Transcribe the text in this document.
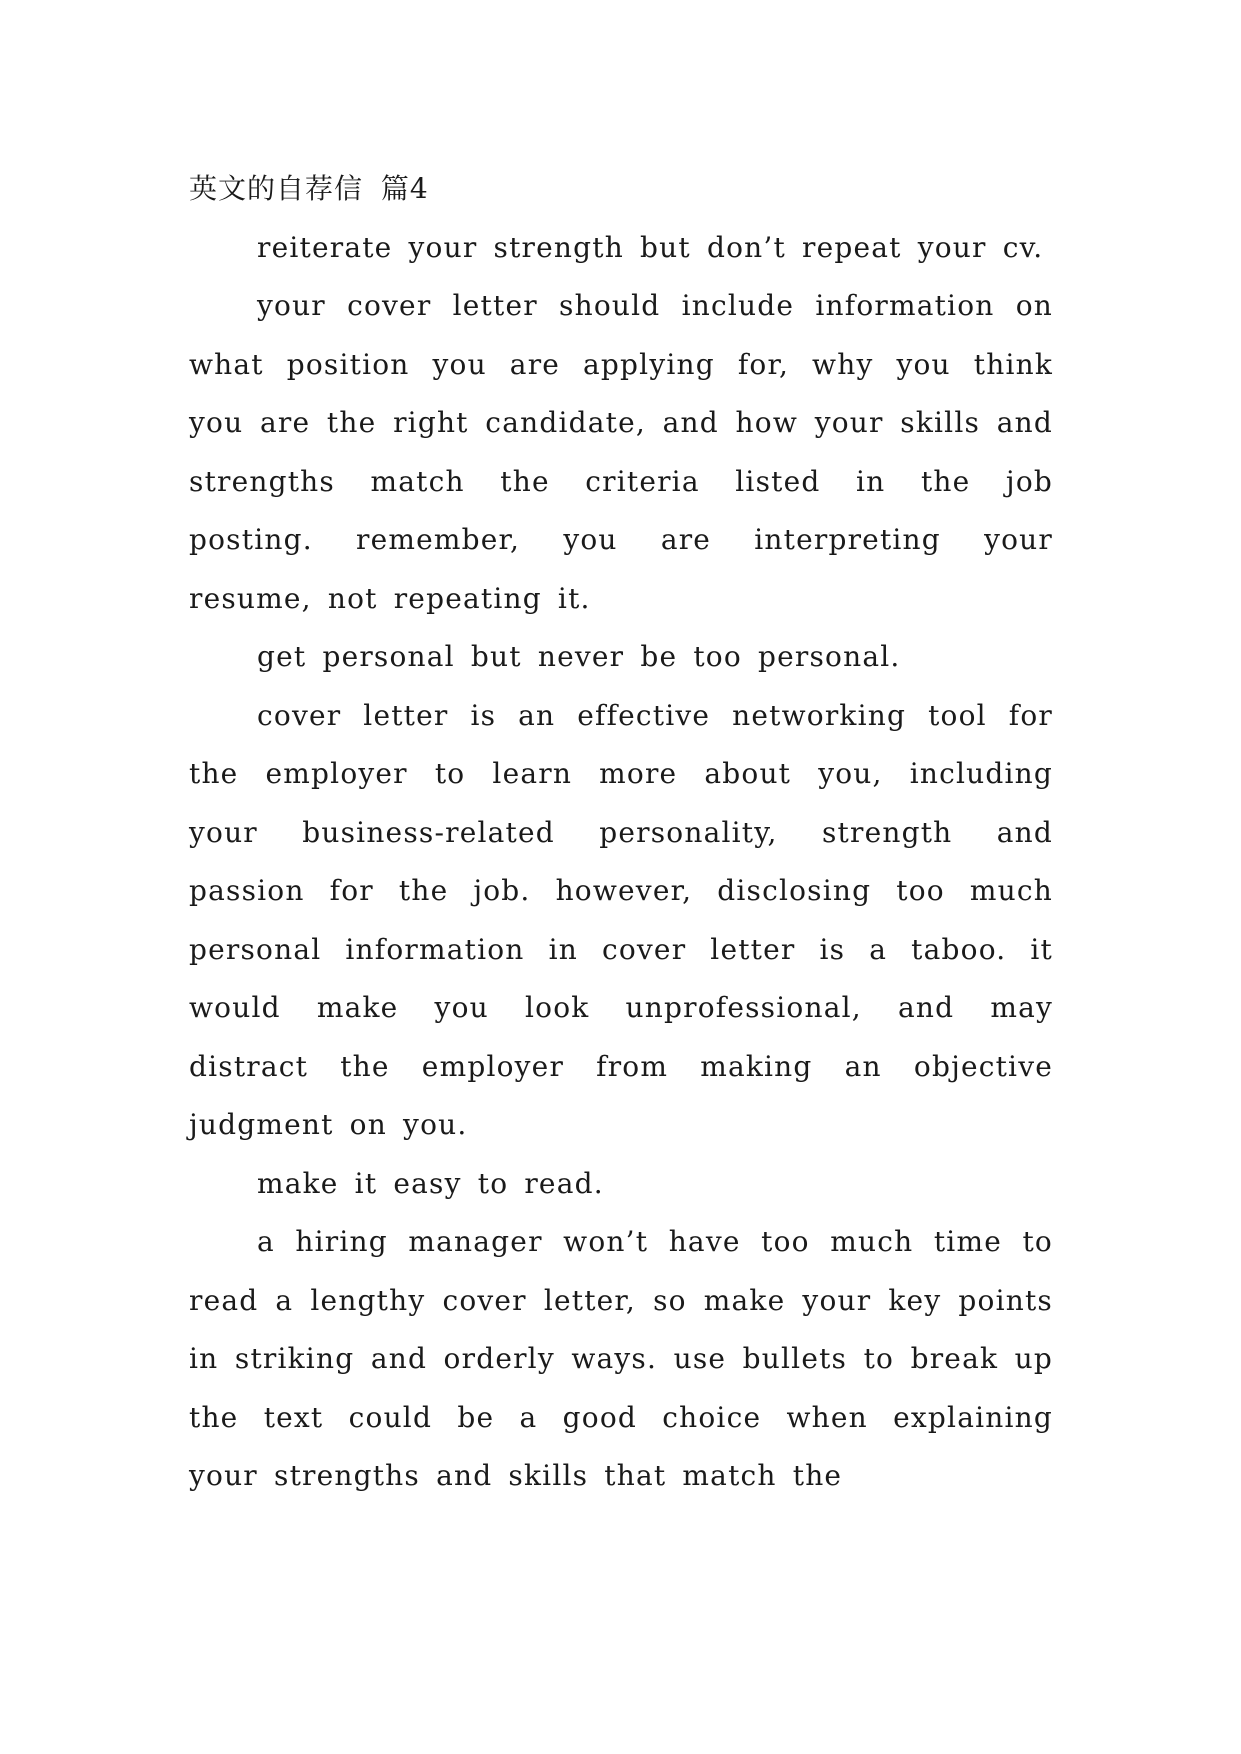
英文的自荐信 篇4

reiterate your strength but don’t repeat your cv.

your cover letter should include information on what position you are applying for, why you think you are the right candidate, and how your skills and strengths match the criteria listed in the job posting. remember, you are interpreting your resume, not repeating it.

get personal but never be too personal.

cover letter is an effective networking tool for the employer to learn more about you, including your business-related personality, strength and passion for the job. however, disclosing too much personal information in cover letter is a taboo. it would make you look unprofessional, and may distract the employer from making an objective judgment on you.

make it easy to read.

a hiring manager won’t have too much time to read a lengthy cover letter, so make your key points in striking and orderly ways. use bullets to break up the text could be a good choice when explaining your strengths and skills that match the
